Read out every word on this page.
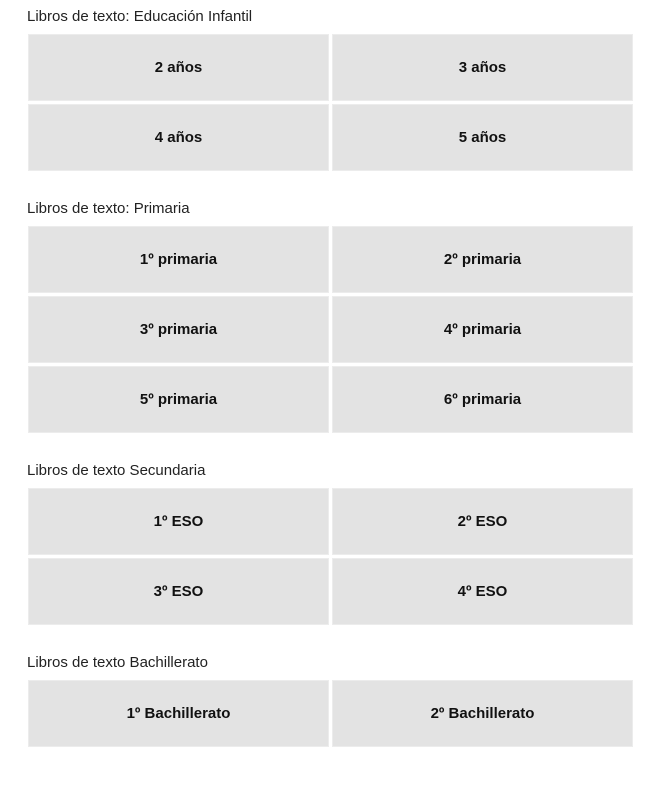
Libros de texto: Educación Infantil
2 años	3 años
4 años	5 años
Libros de texto: Primaria
1º primaria	2º primaria
3º primaria	4º primaria
5º primaria	6º primaria
Libros de texto Secundaria
1º ESO	2º ESO
3º ESO	4º ESO
Libros de texto Bachillerato
1º Bachillerato	2º Bachillerato
